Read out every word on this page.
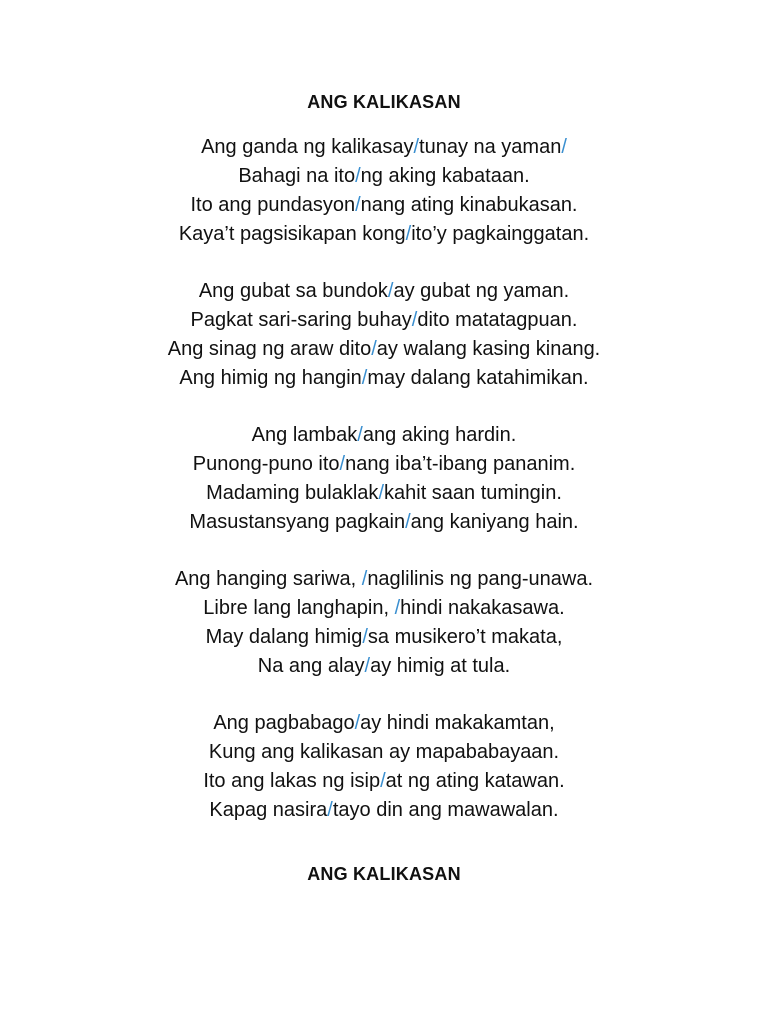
ANG KALIKASAN
Ang ganda ng kalikasay/tunay na yaman/
Bahagi na ito/ng aking kabataan.
Ito ang pundasyon/nang ating kinabukasan.
Kaya’t pagsisikapan kong/ito’y pagkainggatan.
Ang gubat sa bundok/ay gubat ng yaman.
Pagkat sari-saring buhay/dito matatagpuan.
Ang sinag ng araw dito/ay walang kasing kinang.
Ang himig ng hangin/may dalang katahimikan.
Ang lambak/ang aking hardin.
Punong-puno ito/nang iba’t-ibang pananim.
Madaming bulaklak/kahit saan tumingin.
Masustansyang pagkain/ang kaniyang hain.
Ang hanging sariwa, /naglilinis ng pang-unawa.
Libre lang langhapin, /hindi nakakasawa.
May dalang himig/sa musikero’t makata,
Na ang alay/ay himig at tula.
Ang pagbabago/ay hindi makakamtan,
Kung ang kalikasan ay mapababayaan.
Ito ang lakas ng isip/at ng ating katawan.
Kapag nasira/tayo din ang mawawalan.
ANG KALIKASAN
